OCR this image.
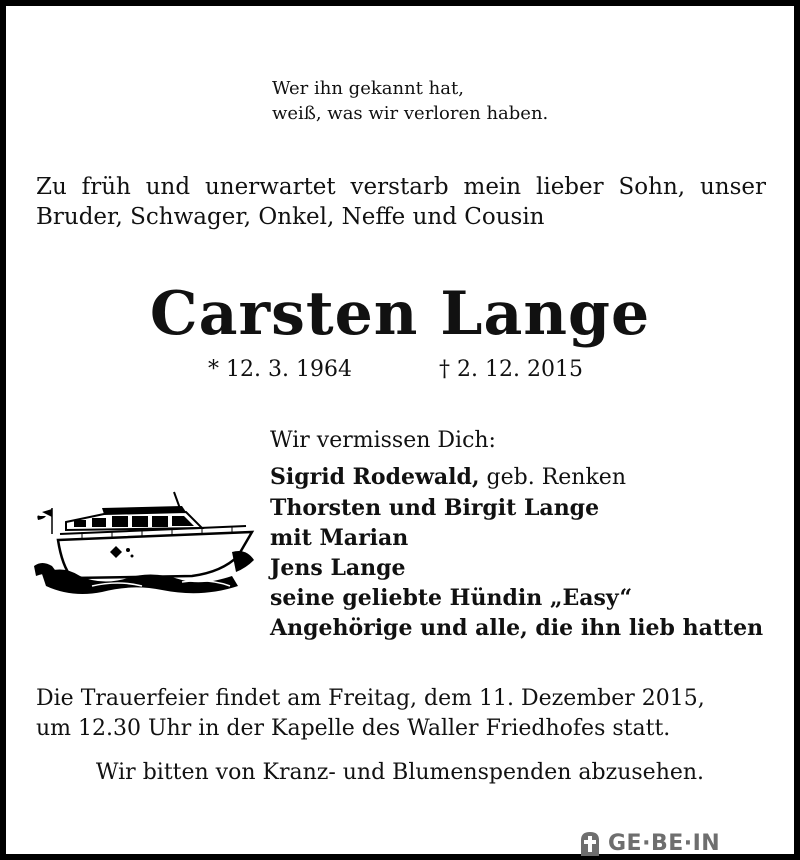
Wer ihn gekannt hat,
weiß, was wir verloren haben.
Zu früh und unerwartet verstarb mein lieber Sohn, unser
Bruder, Schwager, Onkel, Neffe und Cousin
Carsten Lange
* 12. 3. 1964	† 2. 12. 2015
Wir vermissen Dich:
Sigrid Rodewald, geb. Renken
Thorsten und Birgit Lange
mit Marian
Jens Lange
seine geliebte Hündin „Easy“
Angehörige und alle, die ihn lieb hatten
Die Trauerfeier findet am Freitag, dem 11. Dezember 2015,
um 12.30 Uhr in der Kapelle des Waller Friedhofes statt.
Wir bitten von Kranz- und Blumenspenden abzusehen.
GE·BE·IN
